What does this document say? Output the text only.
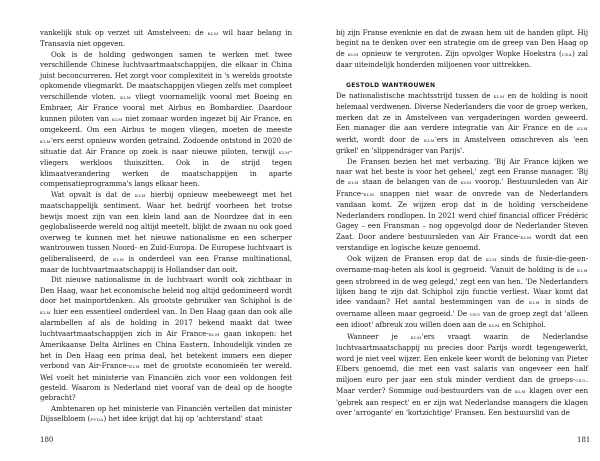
vankelijk stuk op verzet uit Amstelveen: de klm wil haar belang in Transavia niet opgeven.

Ook is de holding gedwongen samen te werken met twee verschillende Chinese luchtvaartmaatschappijen, die elkaar in China juist beconcurreren. Het zorgt voor complexiteit in 's werelds grootste opkomende vliegmarkt. De maatschappijen vliegen zelfs met compleet verschillende vloten. klm vliegt voornamelijk vooral met Boeing en Embraer, Air France vooral met Airbus en Bombardier. Daardoor kunnen piloten van klm niet zomaar worden ingezet bij Air France, en omgekeerd. Om een Airbus te mogen vliegen, moeten de meeste klm'ers eerst opnieuw worden getraind. Zodoende ontstond in 2020 de situatie dat Air France op zoek is naar nieuwe piloten, terwijl klm-vliegers werkloos thuiszitten. Ook in de strijd tegen klimaatverandering werken de maatschappijen in aparte compensatieprogramma's langs elkaar heen.

Wat opvalt is dat de klm hierbij opnieuw meebeweegt met het maatschappelijk sentiment. Waar het bedrijf voorheen het trotse bewijs moest zijn van een klein land aan de Noordzee dat in een geglobaliseerde wereld nog altijd meetelt, blijkt de zwaan nu ook goed overweg te kunnen met het nieuwe nationalisme en een scherper wantrouwen tussen Noord- en Zuid-Europa. De Europese luchtvaart is geliberaliseerd, de klm is onderdeel van een Franse multinational, maar de luchtvaartmaatschappij is Hollandser dan ooit.

Dit nieuwe nationalisme in de luchtvaart wordt ook zichtbaar in Den Haag, waar het economische beleid nog altijd gedomineerd wordt door het mainportdenken. Als grootste gebruiker van Schiphol is de klm hier een essentieel onderdeel van. In Den Haag gaan dan ook alle alarmbellen af als de holding in 2017 bekend maakt dat twee luchtvaartmaatschappijen zich in Air France-klm gaan inkopen: het Amerikaanse Delta Airlines en China Eastern. Inhoudelijk vinden ze het in Den Haag een prima deal, het betekent immers een dieper verbond van Air-France-klm met de grootste economieën ter wereld. Wel voelt het ministerie van Financiën zich voor een voldongen feit gesteld. Waarom is Nederland niet vooraf van de deal op de hoogte gebracht?

Ambtenaren op het ministerie van Financiën vertellen dat minister Dijsselbloem (pvda) het idee krijgt dat hij op 'achterstand' staat

180

bij zijn Franse evenknie en dat de zwaan hem uit de handen glipt. Hij begint na te denken over een strategie om de greep van Den Haag op de klm opnieuw te vergroten. Zijn opvolger Wopke Hoekstra (cda) zal daar uiteindelijk honderden miljoenen voor uittrekken.

GESTOLD WANTROUWEN

De nationalistische machtsstrijd tussen de klm en de holding is nooit helemaal verdwenen. Diverse Nederlanders die voor de groep werken, merken dat ze in Amstelveen van vergaderingen worden geweerd. Een manager die aan verdere integratie van Air France en de klm werkt, wordt door de klm'ers in Amstelveen omschreven als 'een grikel' en 'slippendrager van Parijs'.

De Fransen bezien het met verbazing. 'Bij Air France kijken we naar wat het beste is voor het geheel,' zegt een Franse manager. 'Bij de klm staan de belangen van de klm voorop.' Bestuursleden van Air France-klm snappen niet waar de onvrede van de Nederlanders vandaan komt. Ze wijzen erop dat in de holding verscheidene Nederlanders rondlopen. In 2021 werd chief financial officer Frédéric Gagey – een Fransman – nog opgevolgd door de Nederlander Steven Zaat. Door andere bestuursleden van Air France-klm wordt dat een verstandige en logische keuze genoemd.

Ook wijzen de Fransen erop dat de klm sinds de fusie-die-geen-overname-mag-heten als kool is gegroeid. 'Vanuit de holding is de klm geen strobreed in de weg gelegd,' zegt een van hen. 'De Nederlanders lijken bang te zijn dat Schiphol zijn functie verliest. Waar komt dat idee vandaan? Het aantal bestemmingen van de klm is sinds de overname alleen maar gegroeid.' De ceo van de groep zegt dat 'alleen een idioot' afbreuk zou willen doen aan de klm en Schiphol.

Wanneer je klm'ers vraagt waarin de Nederlandse luchtvaartmaatschappij nu precies door Parijs wordt tegengewerkt, word je niet veel wijzer. Een enkele keer wordt de beloning van Pieter Elbers genoemd, die met een vast salaris van ongeveer een half miljoen euro per jaar een stuk minder verdient dan de groeps-ceo. Maar verder? Sommige oud-bestuurders van de klm klagen over een 'gebrek aan respect' en er zijn wat Nederlandse managers die klagen over 'arrogante' en 'kortzichtige' Fransen. Een bestuurslid van de

181
